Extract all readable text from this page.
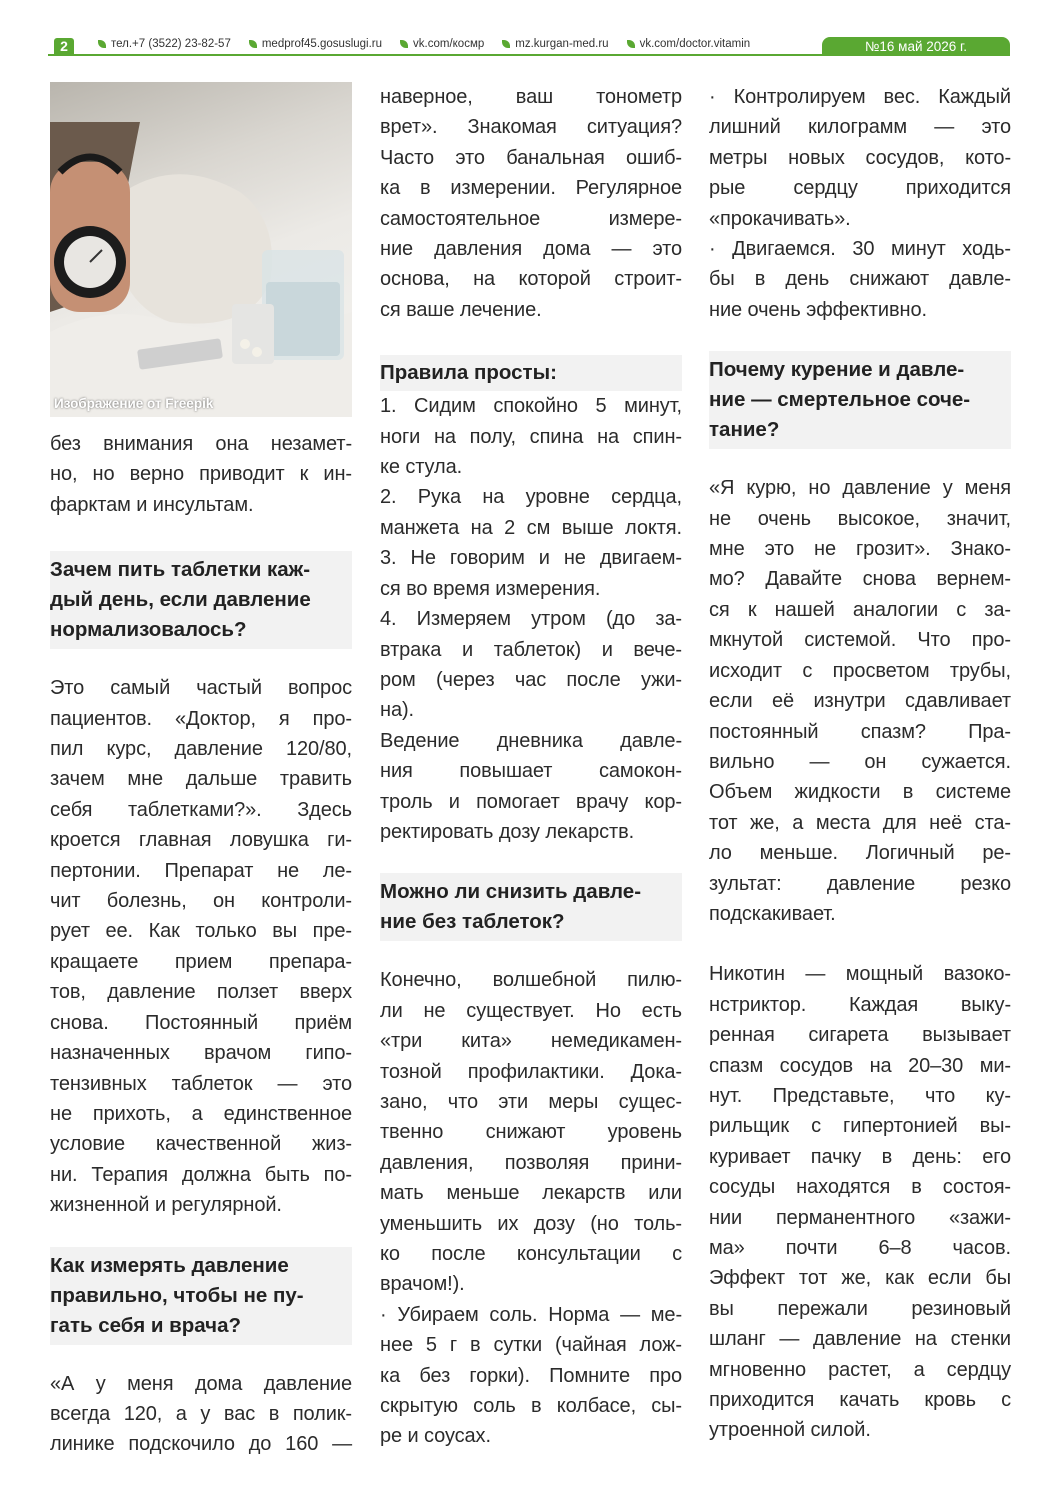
2	тел.+7 (3522) 23-82-57	medprof45.gosuslugi.ru	vk.com/космр	mz.kurgan-med.ru	vk.com/doctor.vitamin	№16 май 2026 г.
Изображение от Freepik
без внимания она незамет-
но, но верно приводит к ин-
фарктам и инсультам.
Зачем пить таблетки каж-
дый день, если давление
нормализовалось?
Это самый частый вопрос
пациентов. «Доктор, я про-
пил курс, давление 120/80,
зачем мне дальше травить
себя таблетками?». Здесь
кроется главная ловушка ги-
пертонии. Препарат не ле-
чит болезнь, он контроли-
рует ее. Как только вы пре-
кращаете прием препара-
тов, давление ползет вверх
снова. Постоянный приём
назначенных врачом гипо-
тензивных таблеток — это
не прихоть, а единственное
условие качественной жиз-
ни. Терапия должна быть по-
жизненной и регулярной.
Как измерять давление
правильно, чтобы не пу-
гать себя и врача?
«А у меня дома давление
всегда 120, а у вас в полик-
линике подскочило до 160 —
наверное, ваш тонометр
врет». Знакомая ситуация?
Часто это банальная ошиб-
ка в измерении. Регулярное
самостоятельное измере-
ние давления дома — это
основа, на которой строит-
ся ваше лечение.
Правила просты:
1. Сидим спокойно 5 минут,
ноги на полу, спина на спин-
ке стула.
2. Рука на уровне сердца,
манжета на 2 см выше локтя.
3. Не говорим и не двигаем-
ся во время измерения.
4. Измеряем утром (до за-
втрака и таблеток) и вече-
ром (через час после ужи-
на).
Ведение дневника давле-
ния повышает самокон-
троль и помогает врачу кор-
ректировать дозу лекарств.
Можно ли снизить давле-
ние без таблеток?
Конечно, волшебной пилю-
ли не существует. Но есть
«три кита» немедикамен-
тозной профилактики. Дока-
зано, что эти меры сущес-
твенно снижают уровень
давления, позволяя прини-
мать меньше лекарств или
уменьшить их дозу (но толь-
ко после консультации с
врачом!).
· Убираем соль. Норма — ме-
нее 5 г в сутки (чайная лож-
ка без горки). Помните про
скрытую соль в колбасе, сы-
ре и соусах.
· Контролируем вес. Каждый
лишний килограмм — это
метры новых сосудов, кото-
рые сердцу приходится
«прокачивать».
· Двигаемся. 30 минут ходь-
бы в день снижают давле-
ние очень эффективно.
Почему курение и давле-
ние — смертельное сочe-
тание?
«Я курю, но давление у меня
не очень высокое, значит,
мне это не грозит». Знако-
мо? Давайте снова вернем-
ся к нашей аналогии с за-
мкнутой системой. Что про-
исходит с просветом трубы,
если её изнутри сдавливает
постоянный спазм? Пра-
вильно — он сужается.
Объем жидкости в системе
тот же, а места для неё ста-
ло меньше. Логичный ре-
зультат: давление резко
подскакивает.
Никотин — мощный вазоко-
нстриктор. Каждая выку-
ренная сигарета вызывает
спазм сосудов на 20–30 ми-
нут. Представьте, что ку-
рильщик с гипертонией вы-
куривает пачку в день: его
сосуды находятся в состоя-
нии перманентного «зажи-
ма» почти 6–8 часов.
Эффект тот же, как если бы
вы пережали резиновый
шланг — давление на стенки
мгновенно растет, а сердцу
приходится качать кровь с
утроенной силой.
